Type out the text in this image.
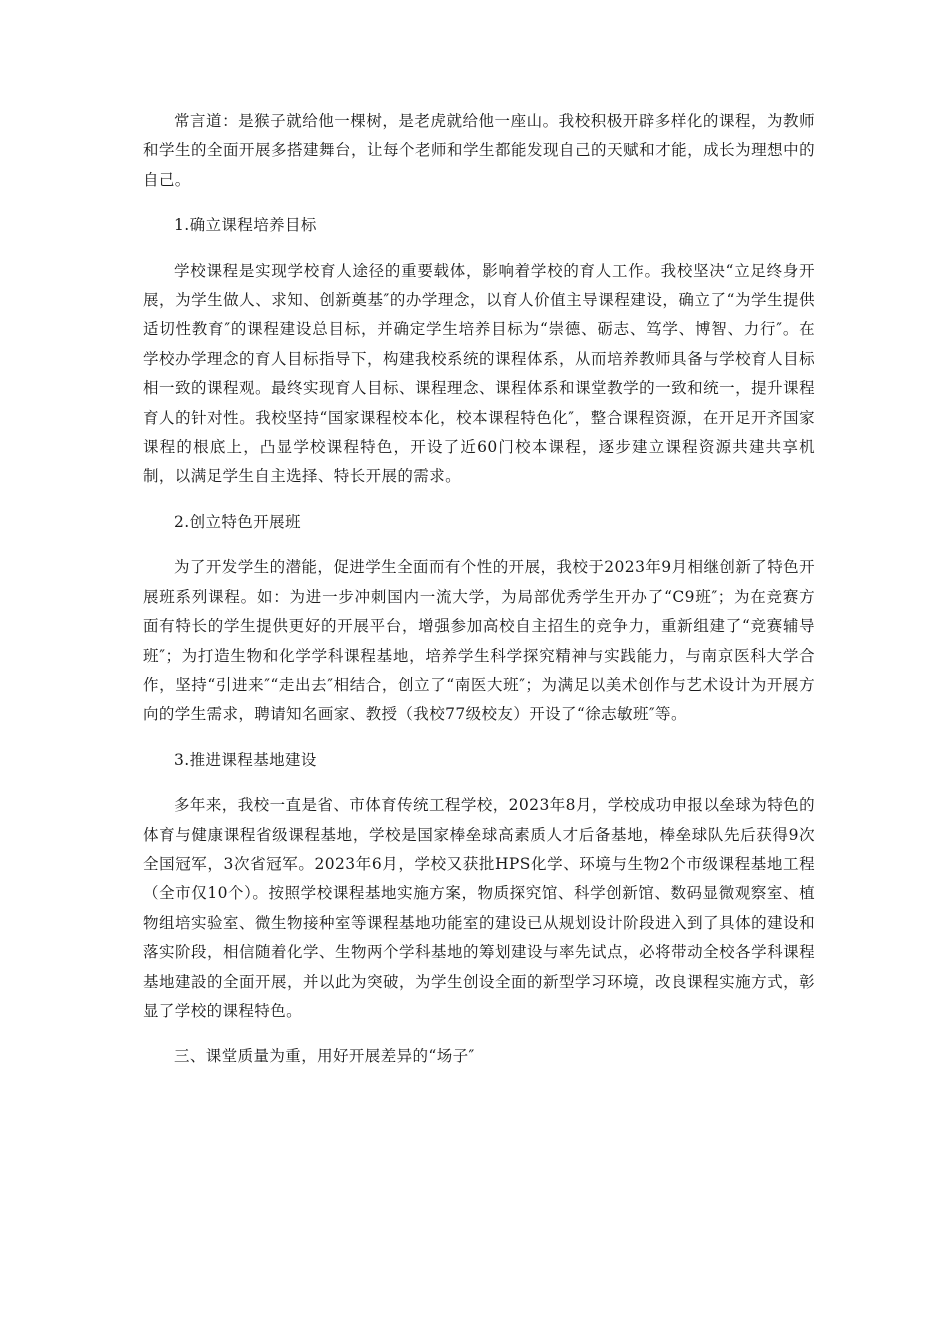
常言道：是猴子就给他一棵树，是老虎就给他一座山。我校积极开辟多样化的课程，为教师和学生的全面开展多搭建舞台，让每个老师和学生都能发现自己的天赋和才能，成长为理想中的自己。

1.确立课程培养目标

学校课程是实现学校育人途径的重要载体，影响着学校的育人工作。我校坚决“立足终身开展，为学生做人、求知、创新奠基″的办学理念，以育人价值主导课程建设，确立了“为学生提供适切性教育″的课程建设总目标，并确定学生培养目标为“崇德、砺志、笃学、博智、力行″。在学校办学理念的育人目标指导下，构建我校系统的课程体系，从而培养教师具备与学校育人目标相一致的课程观。最终实现育人目标、课程理念、课程体系和课堂教学的一致和统一，提升课程育人的针对性。我校坚持“国家课程校本化，校本课程特色化″，整合课程资源，在开足开齐国家课程的根底上，凸显学校课程特色，开设了近60门校本课程，逐步建立课程资源共建共享机制，以满足学生自主选择、特长开展的需求。

2.创立特色开展班

为了开发学生的潜能，促进学生全面而有个性的开展，我校于2023年9月相继创新了特色开展班系列课程。如：为进一步冲刺国内一流大学，为局部优秀学生开办了“C9班″；为在竞赛方面有特长的学生提供更好的开展平台，增强参加高校自主招生的竞争力，重新组建了“竞赛辅导班″；为打造生物和化学学科课程基地，培养学生科学探究精神与实践能力，与南京医科大学合作，坚持“引进来″“走出去″相结合，创立了“南医大班″；为满足以美术创作与艺术设计为开展方向的学生需求，聘请知名画家、教授（我校77级校友）开设了“徐志敏班″等。

3.推进课程基地建设

多年来，我校一直是省、市体育传统工程学校，2023年8月，学校成功申报以垒球为特色的体育与健康课程省级课程基地，学校是国家棒垒球高素质人才后备基地，棒垒球队先后获得9次全国冠军，3次省冠军。2023年6月，学校又获批HPS化学、环境与生物2个市级课程基地工程（全市仅10个）。按照学校课程基地实施方案，物质探究馆、科学创新馆、数码显微观察室、植物组培实验室、微生物接种室等课程基地功能室的建设已从规划设计阶段进入到了具体的建设和落实阶段，相信随着化学、生物两个学科基地的筹划建设与率先试点，必将带动全校各学科课程基地建設的全面开展，并以此为突破，为学生创设全面的新型学习环境，改良课程实施方式，彰显了学校的课程特色。

三、课堂质量为重，用好开展差异的“场子″
